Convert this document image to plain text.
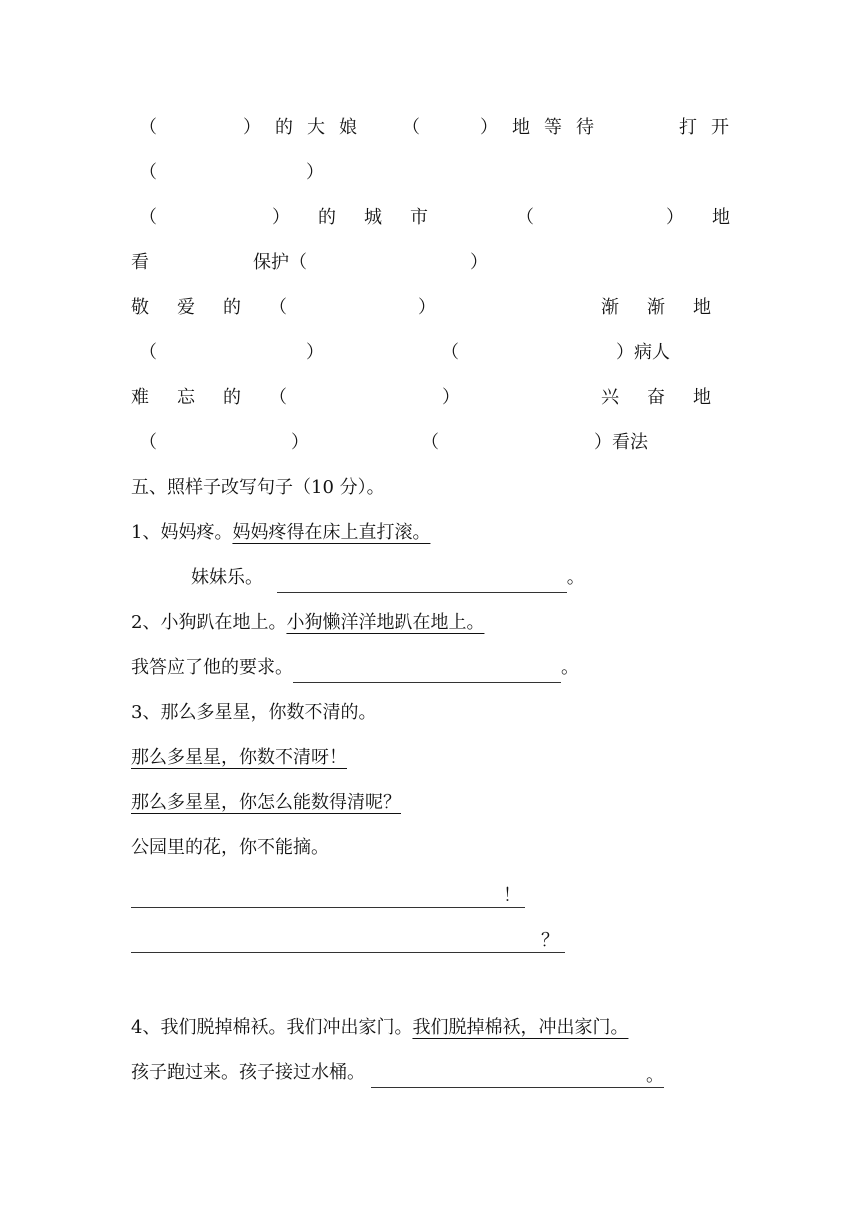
（	）的大娘 （	）地等待	打开
（	）
（	）的城市	（	）地
看	保护（	）
敬爱的（	）	渐渐地
（	）	（	）病人
难忘的（	）	兴奋地
（	）	（	）看法
五、照样子改写句子（10 分）。
1、妈妈疼。妈妈疼得在床上直打滚。
妹妹乐。	。
2、小狗趴在地上。小狗懒洋洋地趴在地上。
我答应了他的要求。	。
3、那么多星星，你数不清的。
那么多星星，你数不清呀！
那么多星星，你怎么能数得清呢？
公园里的花，你不能摘。
！
？
4、我们脱掉棉袄。我们冲出家门。我们脱掉棉袄，冲出家门。
孩子跑过来。孩子接过水桶。	。
